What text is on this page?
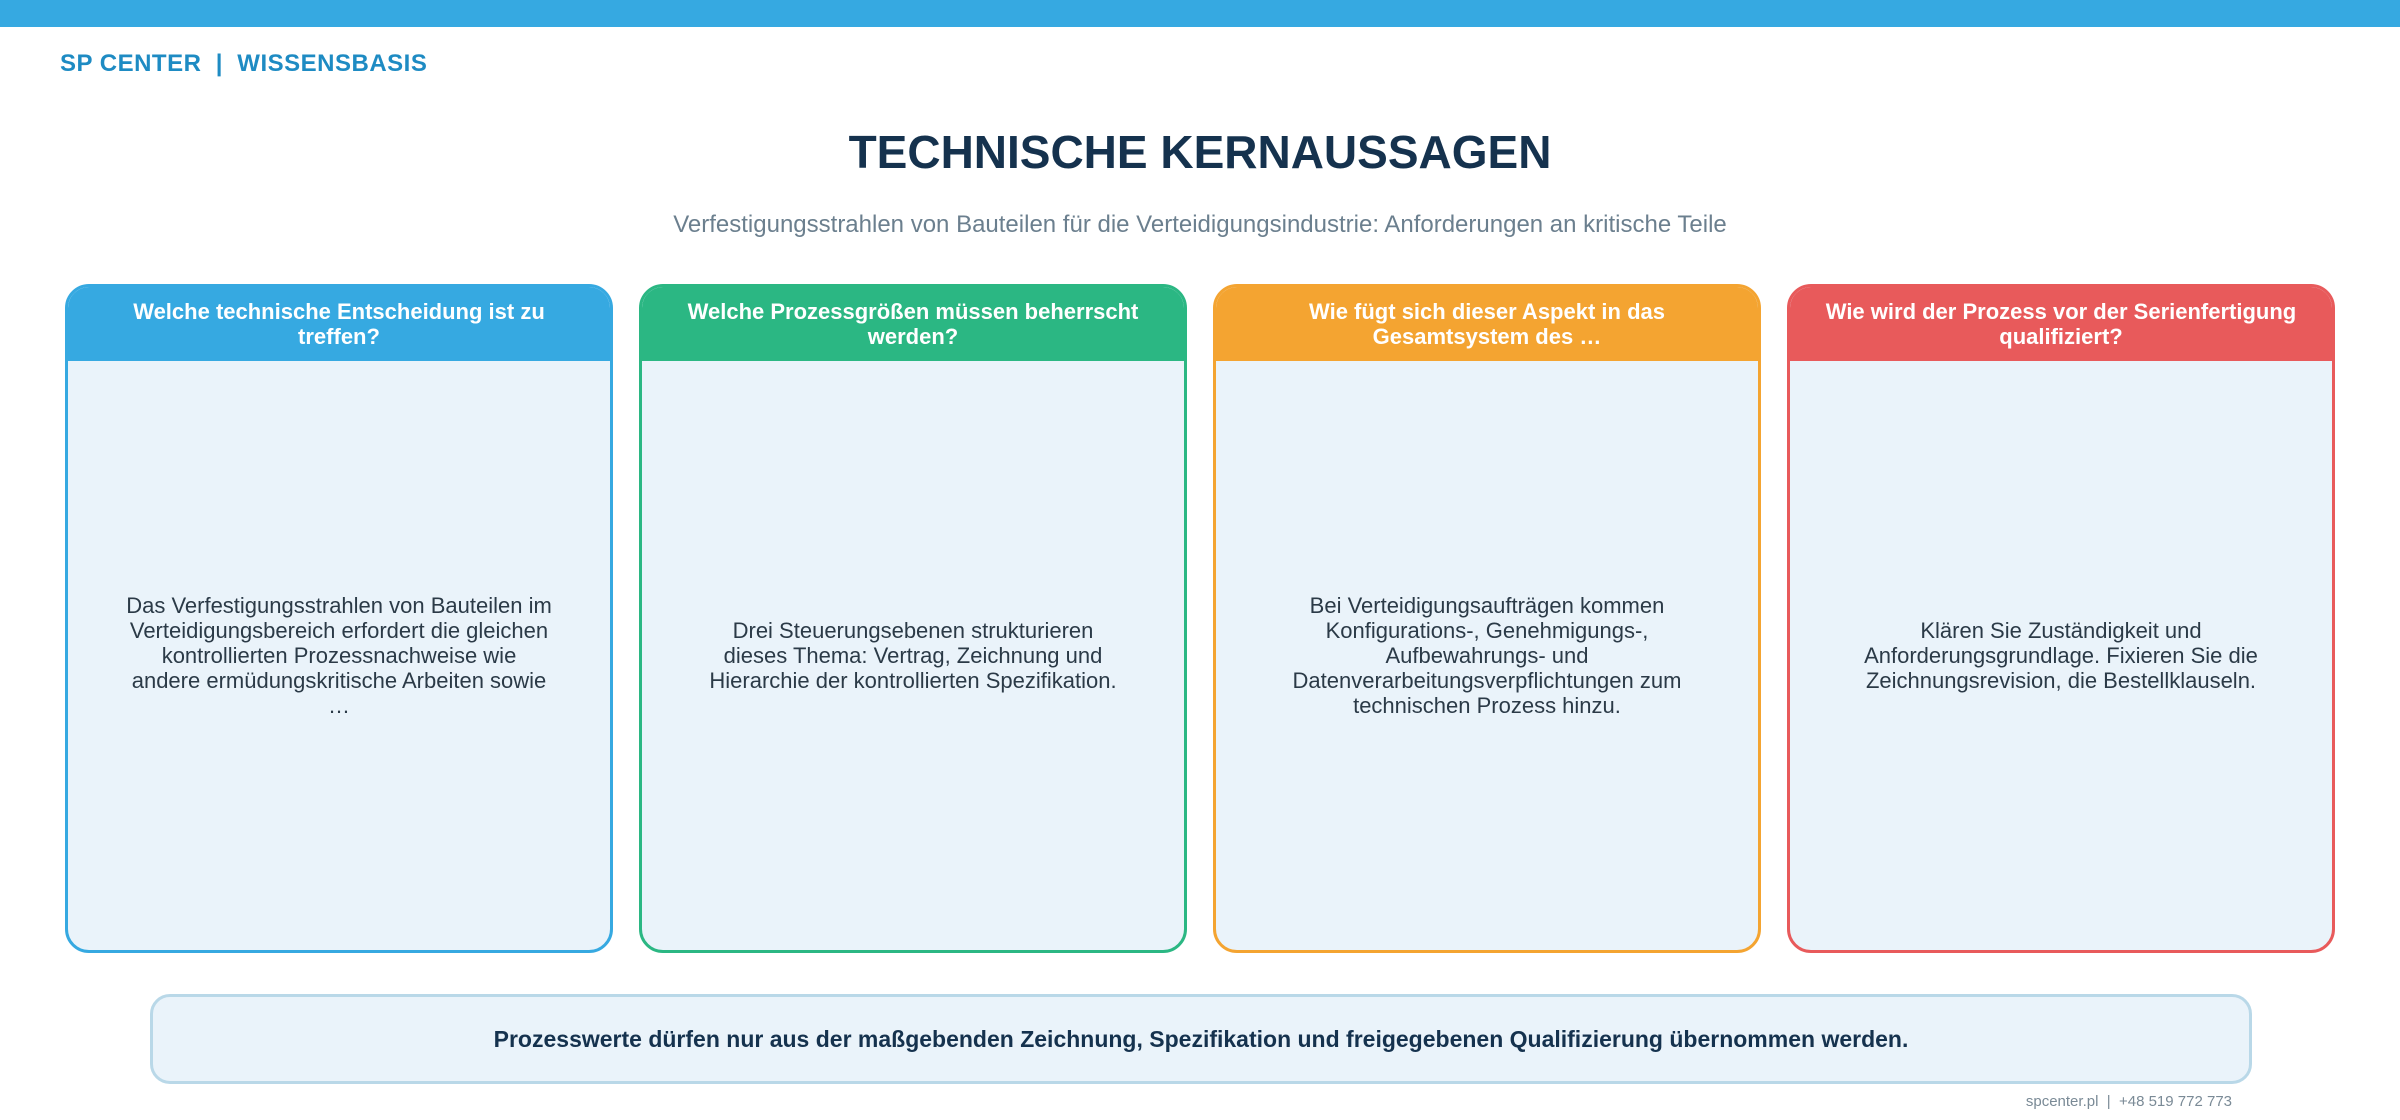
SP CENTER  |  WISSENSBASIS
TECHNISCHE KERNAUSSAGEN

Verfestigungsstrahlen von Bauteilen für die Verteidigungsindustrie: Anforderungen an kritische Teile

Welche technische Entscheidung ist zu treffen?
Das Verfestigungsstrahlen von Bauteilen im Verteidigungsbereich erfordert die gleichen kontrollierten Prozessnachweise wie andere ermüdungskritische Arbeiten sowie …
Welche Prozessgrößen müssen beherrscht werden?
Drei Steuerungsebenen strukturieren dieses Thema: Vertrag, Zeichnung und Hierarchie der kontrollierten Spezifikation.
Wie fügt sich dieser Aspekt in das Gesamtsystem des …
Bei Verteidigungsaufträgen kommen Konfigurations-, Genehmigungs-, Aufbewahrungs- und Datenverarbeitungsverpflichtungen zum technischen Prozess hinzu.
Wie wird der Prozess vor der Serienfertigung qualifiziert?
Klären Sie Zuständigkeit und Anforderungsgrundlage. Fixieren Sie die Zeichnungsrevision, die Bestellklauseln.
Prozesswerte dürfen nur aus der maßgebenden Zeichnung, Spezifikation und freigegebenen Qualifizierung übernommen werden.
spcenter.pl  |  +48 519 772 773
